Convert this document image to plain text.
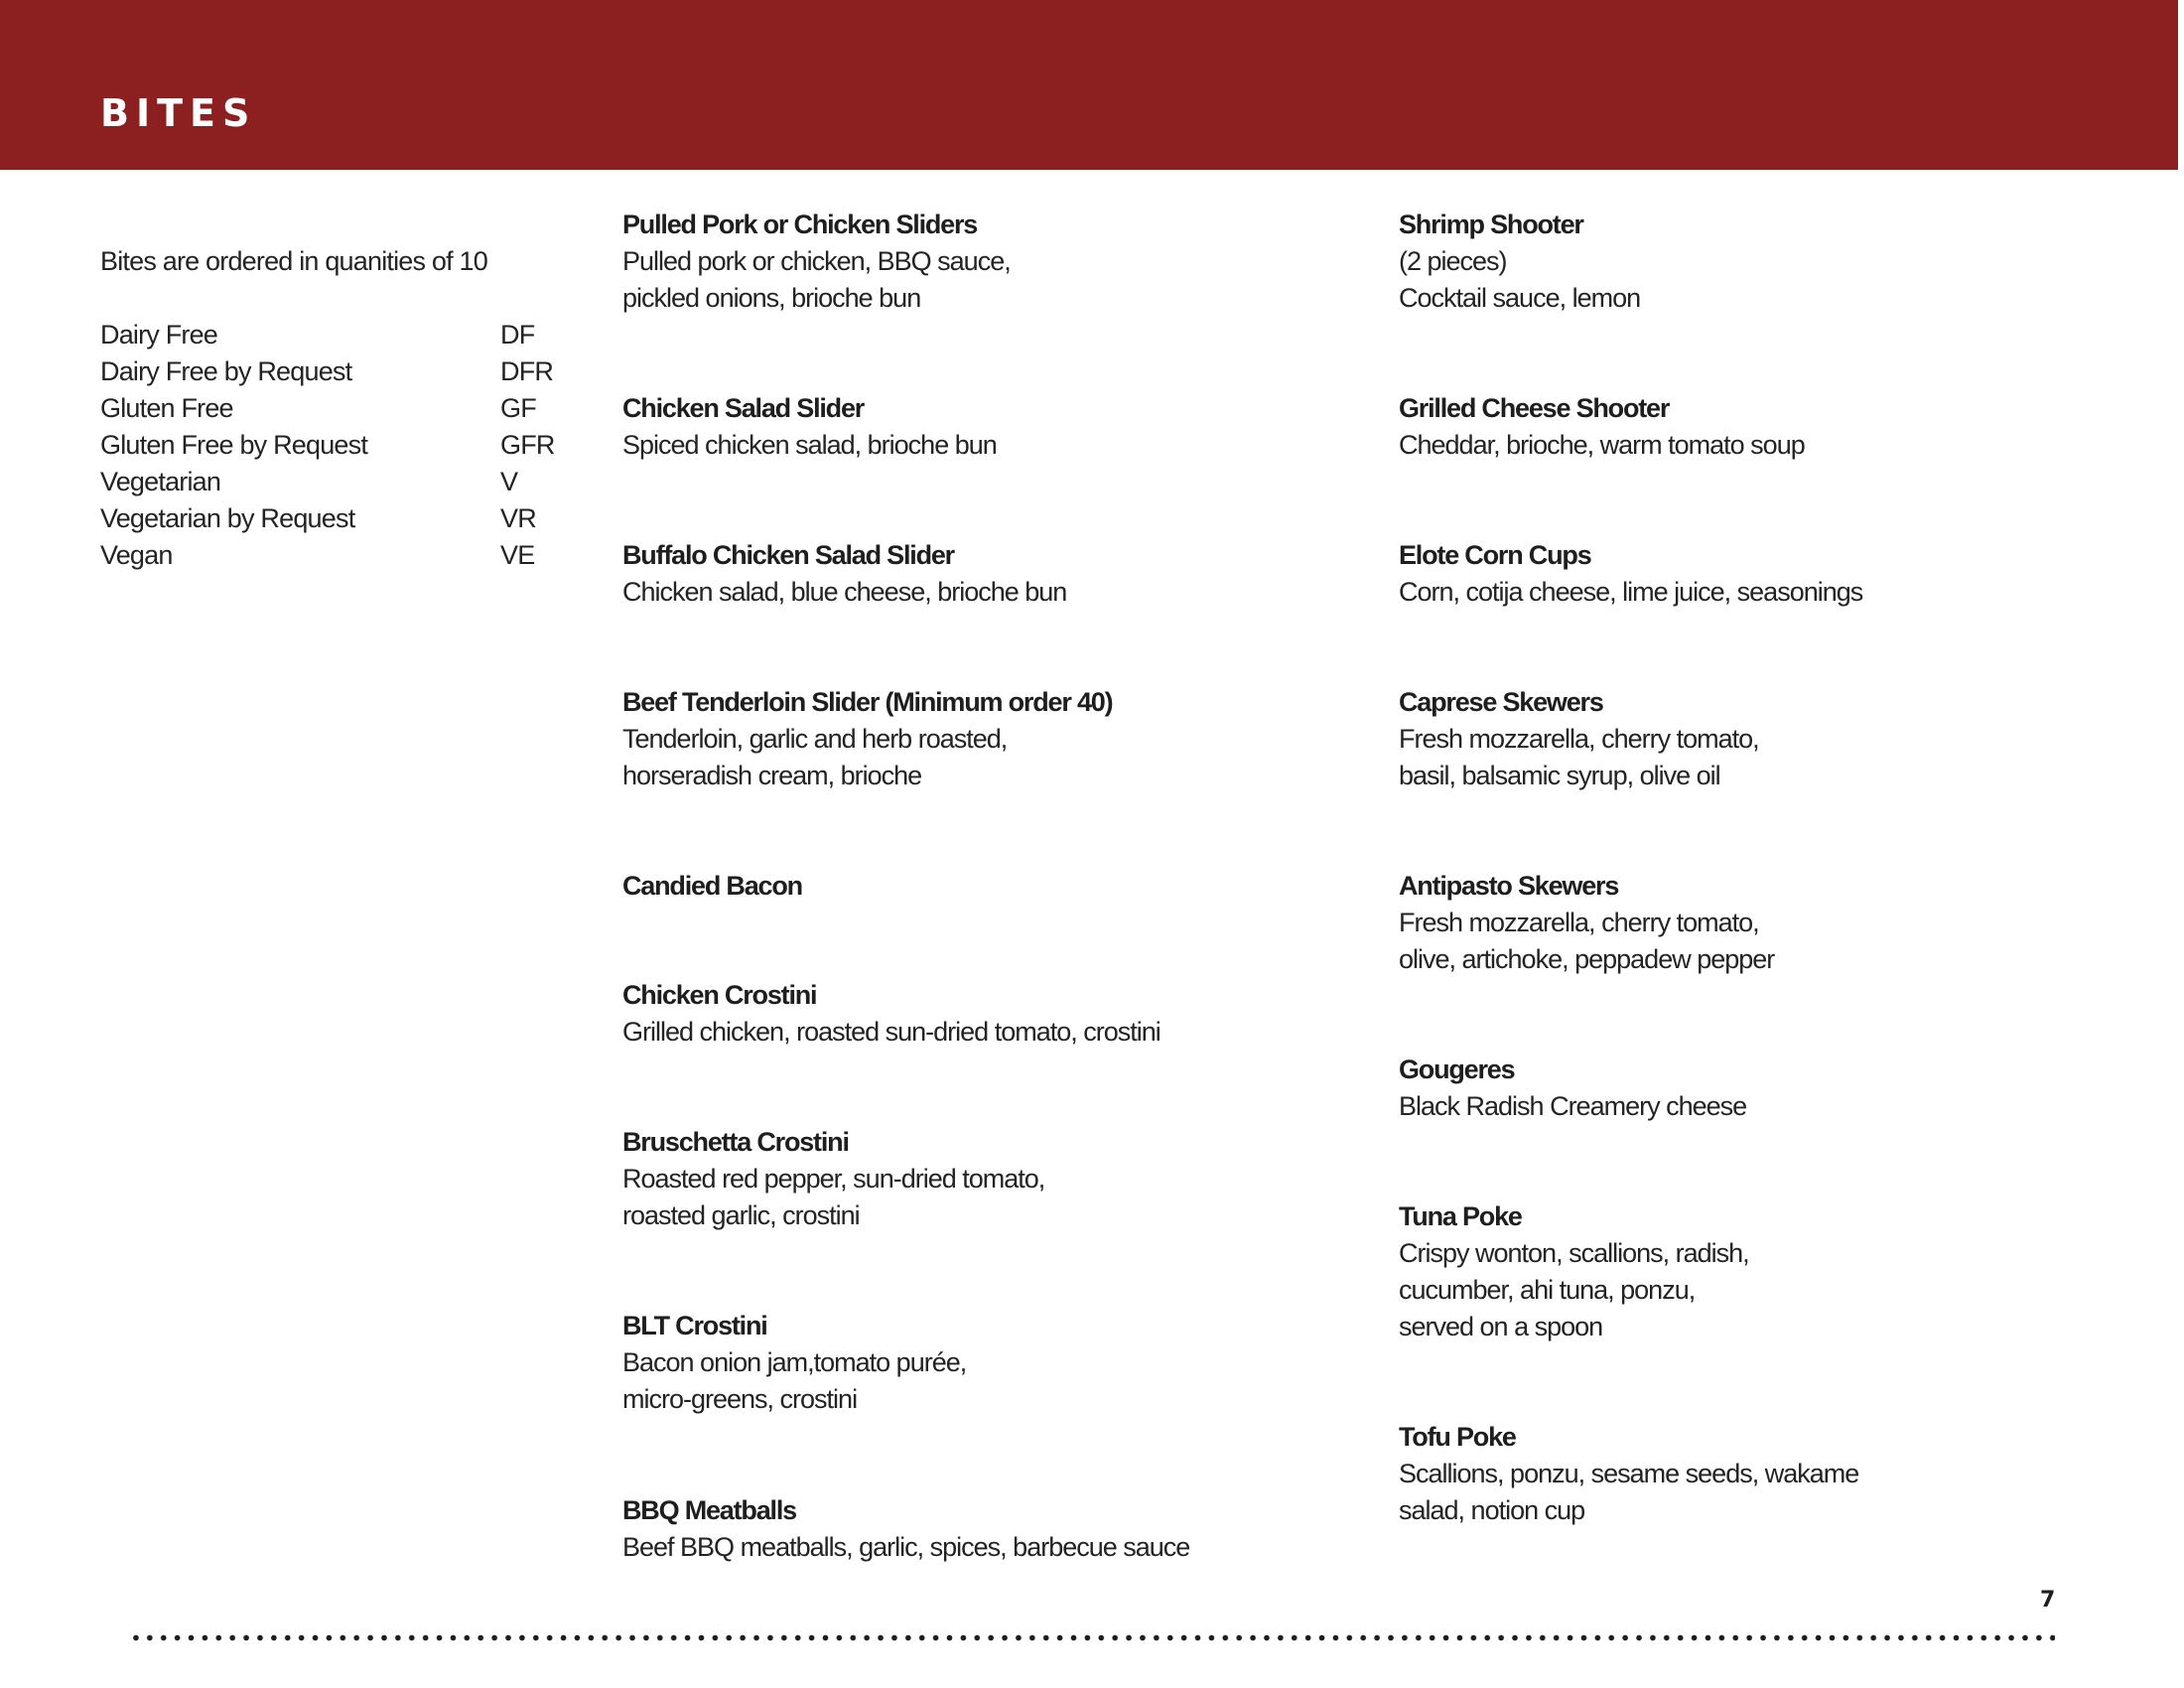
BITES
Bites are ordered in quanities of 10
Dairy Free	DF
Dairy Free by Request	DFR
Gluten Free	GF
Gluten Free by Request	GFR
Vegetarian	V
Vegetarian by Request	VR
Vegan	VE
Pulled Pork or Chicken Sliders
Pulled pork or chicken, BBQ sauce,
pickled onions, brioche bun
Chicken Salad Slider
Spiced chicken salad, brioche bun
Buffalo Chicken Salad Slider
Chicken salad, blue cheese, brioche bun
Beef Tenderloin Slider (Minimum order 40)
Tenderloin, garlic and herb roasted,
horseradish cream, brioche
Candied Bacon
Chicken Crostini
Grilled chicken, roasted sun-dried tomato, crostini
Bruschetta Crostini
Roasted red pepper, sun-dried tomato,
roasted garlic, crostini
BLT Crostini
Bacon onion jam,tomato purée,
micro-greens, crostini
BBQ Meatballs
Beef BBQ meatballs, garlic, spices, barbecue sauce
Shrimp Shooter
(2 pieces)
Cocktail sauce, lemon
Grilled Cheese Shooter
Cheddar, brioche, warm tomato soup
Elote Corn Cups
Corn, cotija cheese, lime juice, seasonings
Caprese Skewers
Fresh mozzarella, cherry tomato,
basil, balsamic syrup, olive oil
Antipasto Skewers
Fresh mozzarella, cherry tomato,
olive, artichoke, peppadew pepper
Gougeres
Black Radish Creamery cheese
Tuna Poke
Crispy wonton, scallions, radish,
cucumber, ahi tuna, ponzu,
served on a spoon
Tofu Poke
Scallions, ponzu, sesame seeds, wakame
salad, notion cup
7
